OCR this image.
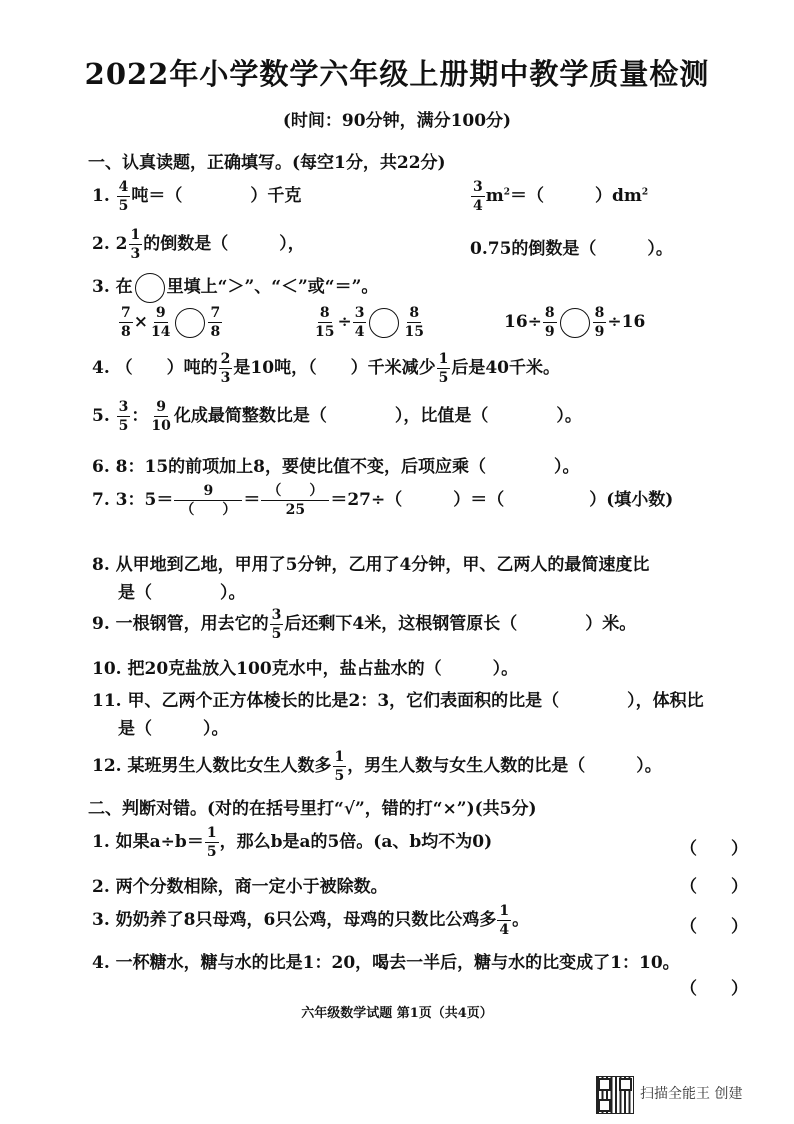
2022年小学数学六年级上册期中教学质量检测
(时间：90分钟，满分100分)
一、认真读题，正确填写。(每空1分，共22分)
1. $\frac{4}{5}$ 吨＝（　　　　）千克	$\frac{3}{4} m^2=$（　　　）$dm^2$
2. $2 \frac{1}{3}$ 的倒数是（　　　），	0.75的倒数是（　　　）。
3. 在 里填上“＞”、“＜”或“＝”。
$\frac{7}{8} \times \frac{9}{14}$	$\frac{7}{8}$	$\frac{8}{15} \div \frac{3}{4}$	$\frac{8}{15}$	$16\div \frac{8}{9}$	$\frac{8}{9} \div 16$
4. （　　）吨的 $\frac{2}{3}$ 是10吨，（　　）千米减少 $\frac{1}{5}$ 后是40千米。
5. $\frac{3}{5}$ ： $\frac{9}{10}$ 化成最简整数比是（　　　　），比值是（　　　　）。
6. 8：15的前项加上8，要使比值不变，后项应乘（　　　　）。
7. 3：$5= \frac{9}{( )} = \frac{( )}{25} =27\div$（　　　）＝（　　　　　）(填小数)
8. 从甲地到乙地，甲用了5分钟，乙用了4分钟，甲、乙两人的最简速度比
是（　　　　）。
9. 一根钢管，用去它的 $\frac{3}{5}$ 后还剩下4米，这根钢管原长（　　　　）米。
10. 把20克盐放入100克水中，盐占盐水的（　　　）。
11. 甲、乙两个正方体棱长的比是2：3，它们表面积的比是（　　　　），体积比
是（　　　）。
12. 某班男生人数比女生人数多 $\frac{1}{5}$ ，男生人数与女生人数的比是（　　　）。
二、判断对错。(对的在括号里打“√”，错的打“×”)(共5分)
1. 如果$a\div b= \frac{1}{5}$ ，那么b是a的5倍。(a、b均不为0)	（　　）
2. 两个分数相除，商一定小于被除数。	（　　）
3. 奶奶养了8只母鸡，6只公鸡，母鸡的只数比公鸡多 $\frac{1}{4}$ 。	（　　）
4. 一杯糖水，糖与水的比是1：20，喝去一半后，糖与水的比变成了1：10。
（　　）
六年级数学试题 第1页（共4页）
扫描全能王 创建
